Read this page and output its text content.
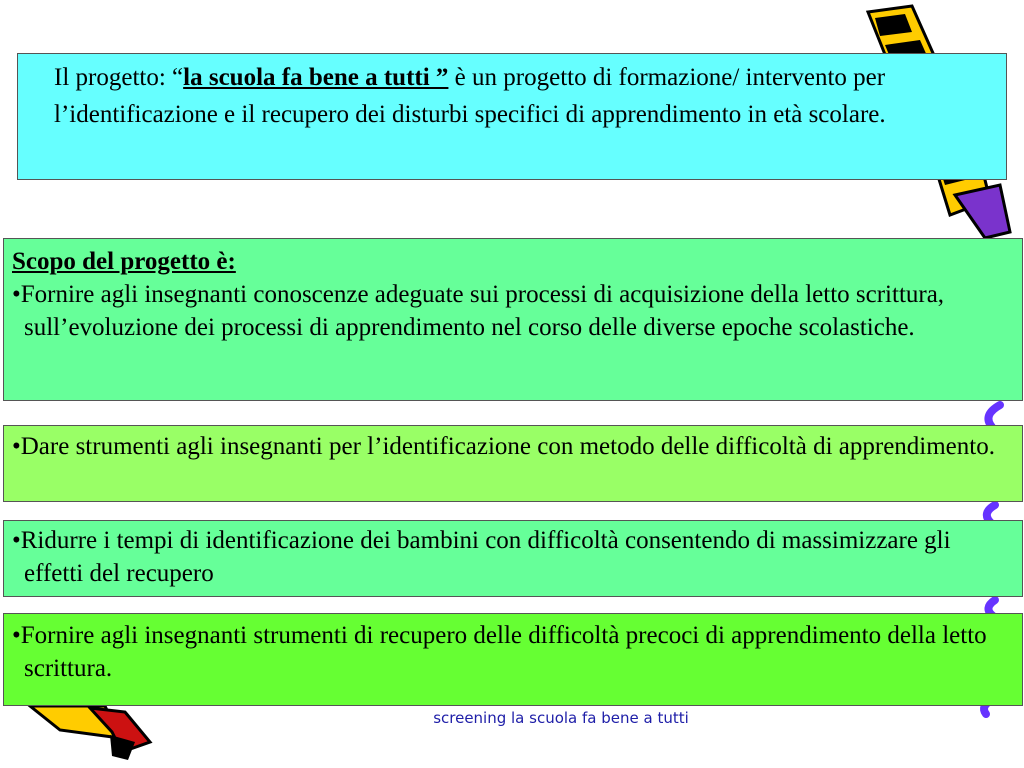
Il progetto: “la scuola fa bene a tutti ” è un progetto di formazione/ intervento per l’identificazione e il recupero dei disturbi specifici di apprendimento in età scolare.
Scopo del progetto è:
•Fornire agli insegnanti conoscenze adeguate sui processi di acquisizione della letto scrittura, sull’evoluzione dei processi di apprendimento nel corso delle diverse epoche scolastiche.
•Dare strumenti agli insegnanti per l’identificazione con metodo delle difficoltà di apprendimento.
•Ridurre i tempi di identificazione dei bambini con difficoltà consentendo di massimizzare gli effetti del recupero
•Fornire agli insegnanti strumenti di recupero delle difficoltà precoci di apprendimento della letto scrittura.
screening la scuola fa bene a tutti
